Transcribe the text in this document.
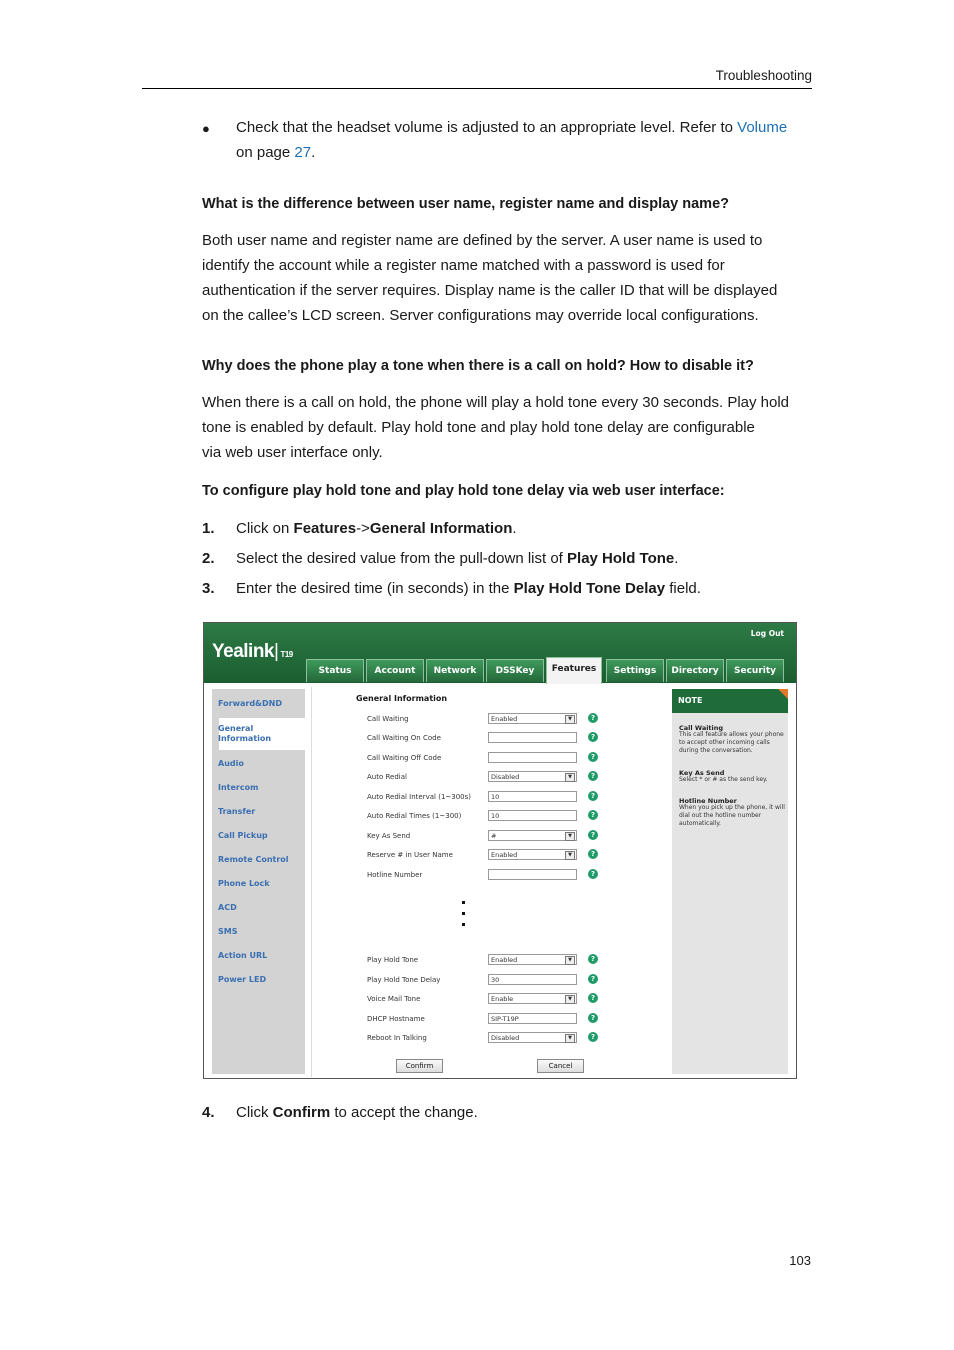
Troubleshooting
● Check that the headset volume is adjusted to an appropriate level. Refer to Volume
on page 27.
What is the difference between user name, register name and display name?
Both user name and register name are defined by the server. A user name is used to
identify the account while a register name matched with a password is used for
authentication if the server requires. Display name is the caller ID that will be displayed
on the callee’s LCD screen. Server configurations may override local configurations.
Why does the phone play a tone when there is a call on hold? How to disable it?
When there is a call on hold, the phone will play a hold tone every 30 seconds. Play hold
tone is enabled by default. Play hold tone and play hold tone delay are configurable
via web user interface only.
To configure play hold tone and play hold tone delay via web user interface:
1. Click on Features->General Information.
2. Select the desired value from the pull-down list of Play Hold Tone.
3. Enter the desired time (in seconds) in the Play Hold Tone Delay field.
Yealink| T19
Log Out
Status	Account	Network	DSSKey	Features	Settings	Directory	Security
Forward&DND
General Information
Audio
Intercom
Transfer
Call Pickup
Remote Control
Phone Lock
ACD
SMS
Action URL
Power LED
General Information
Call Waiting	Enabled	▼	?
Call Waiting On Code	?
Call Waiting Off Code	?
Auto Redial	Disabled	▼	?
Auto Redial Interval (1~300s)	10	?
Auto Redial Times (1~300)	10	?
Key As Send	#	▼	?
Reserve # in User Name	Enabled	▼	?
Hotline Number	?
Play Hold Tone	Enabled	▼	?
Play Hold Tone Delay	30	?
Voice Mail Tone	Enable	▼	?
DHCP Hostname	SIP-T19P	?
Reboot In Talking	Disabled	▼	?
Confirm	Cancel
NOTE
Call Waiting
This call feature allows your phone to accept other incoming calls during the conversation.
Key As Send
Select * or # as the send key.
Hotline Number
When you pick up the phone, it will dial out the hotline number automatically.
4. Click Confirm to accept the change.
103
